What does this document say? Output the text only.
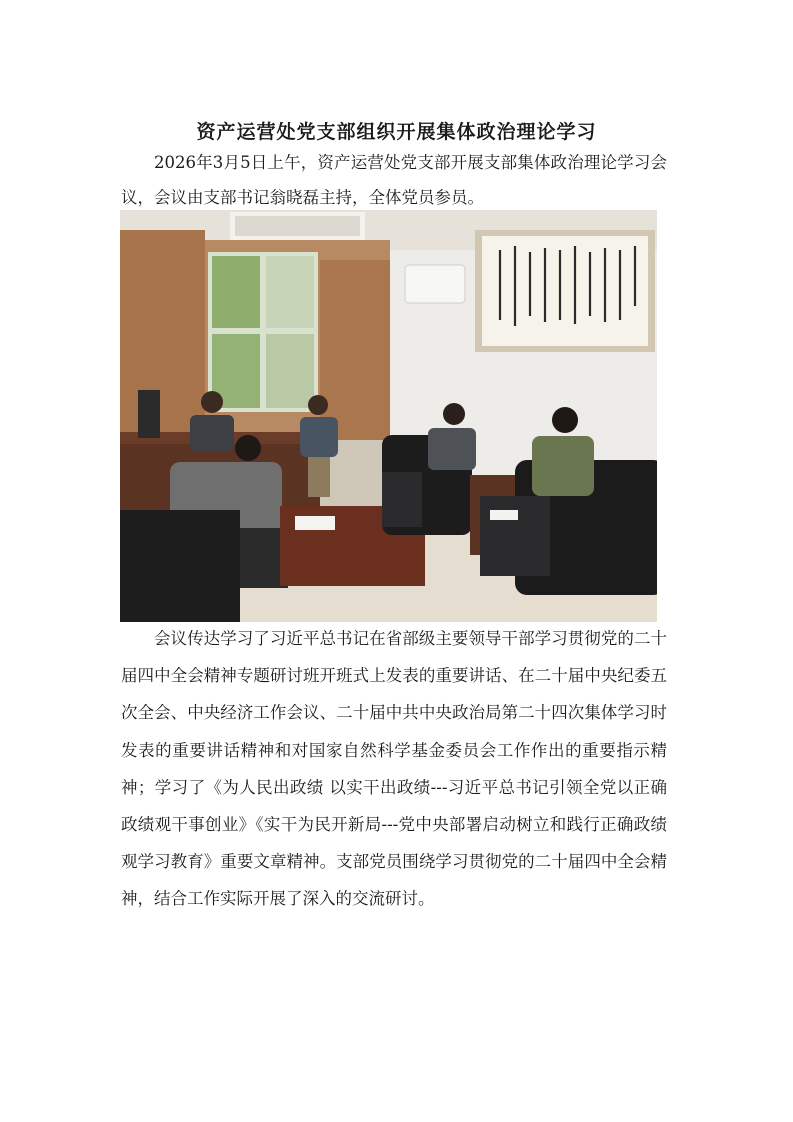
资产运营处党支部组织开展集体政治理论学习

2026年3月5日上午，资产运营处党支部开展支部集体政治理论学习会议，会议由支部书记翁晓磊主持，全体党员参员。

会议传达学习了习近平总书记在省部级主要领导干部学习贯彻党的二十届四中全会精神专题研讨班开班式上发表的重要讲话、在二十届中央纪委五次全会、中央经济工作会议、二十届中共中央政治局第二十四次集体学习时发表的重要讲话精神和对国家自然科学基金委员会工作作出的重要指示精神；学习了《为人民出政绩 以实干出政绩---习近平总书记引领全党以正确政绩观干事创业》《实干为民开新局---党中央部署启动树立和践行正确政绩观学习教育》重要文章精神。支部党员围绕学习贯彻党的二十届四中全会精神，结合工作实际开展了深入的交流研讨。
